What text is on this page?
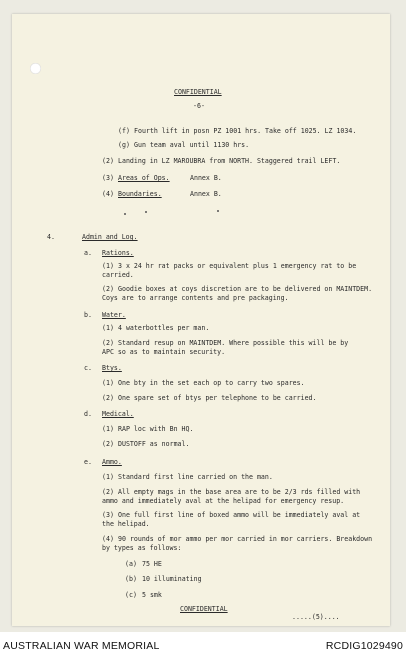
CONFIDENTIAL
-6-
(f) Fourth lift in posn PZ 1001 hrs. Take off 1025. LZ 1034.
(g) Gun team aval until 1130 hrs.
(2) Landing in LZ MAROUBRA from NORTH. Staggered trail LEFT.
(3) Areas of Ops.	Annex B.
(4) Boundaries.	Annex B.
4.	Admin and Log.
a. Rations.
(1) 3 x 24 hr rat packs or equivalent plus 1 emergency rat to be
carried.
(2) Goodie boxes at coys discretion are to be delivered on MAINTDEM.
Coys are to arrange contents and pre packaging.
b. Water.
(1) 4 waterbottles per man.
(2) Standard resup on MAINTDEM. Where possible this will be by
APC so as to maintain security.
c. Btys.
(1) One bty in the set each op to carry two spares.
(2) One spare set of btys per telephone to be carried.
d. Medical.
(1) RAP loc with Bn HQ.
(2) DUSTOFF as normal.
e. Ammo.
(1) Standard first line carried on the man.
(2) All empty mags in the base area are to be 2/3 rds filled with
ammo and immediately aval at the helipad for emergency resup.
(3) One full first line of boxed ammo will be immediately aval at
the helipad.
(4) 90 rounds of mor ammo per mor carried in mor carriers. Breakdown
by types as follows:
(a) 75 HE
(b) 10 illuminating
(c) 5 smk
CONFIDENTIAL
.....(5)....
AUSTRALIAN WAR MEMORIAL	RCDIG1029490
